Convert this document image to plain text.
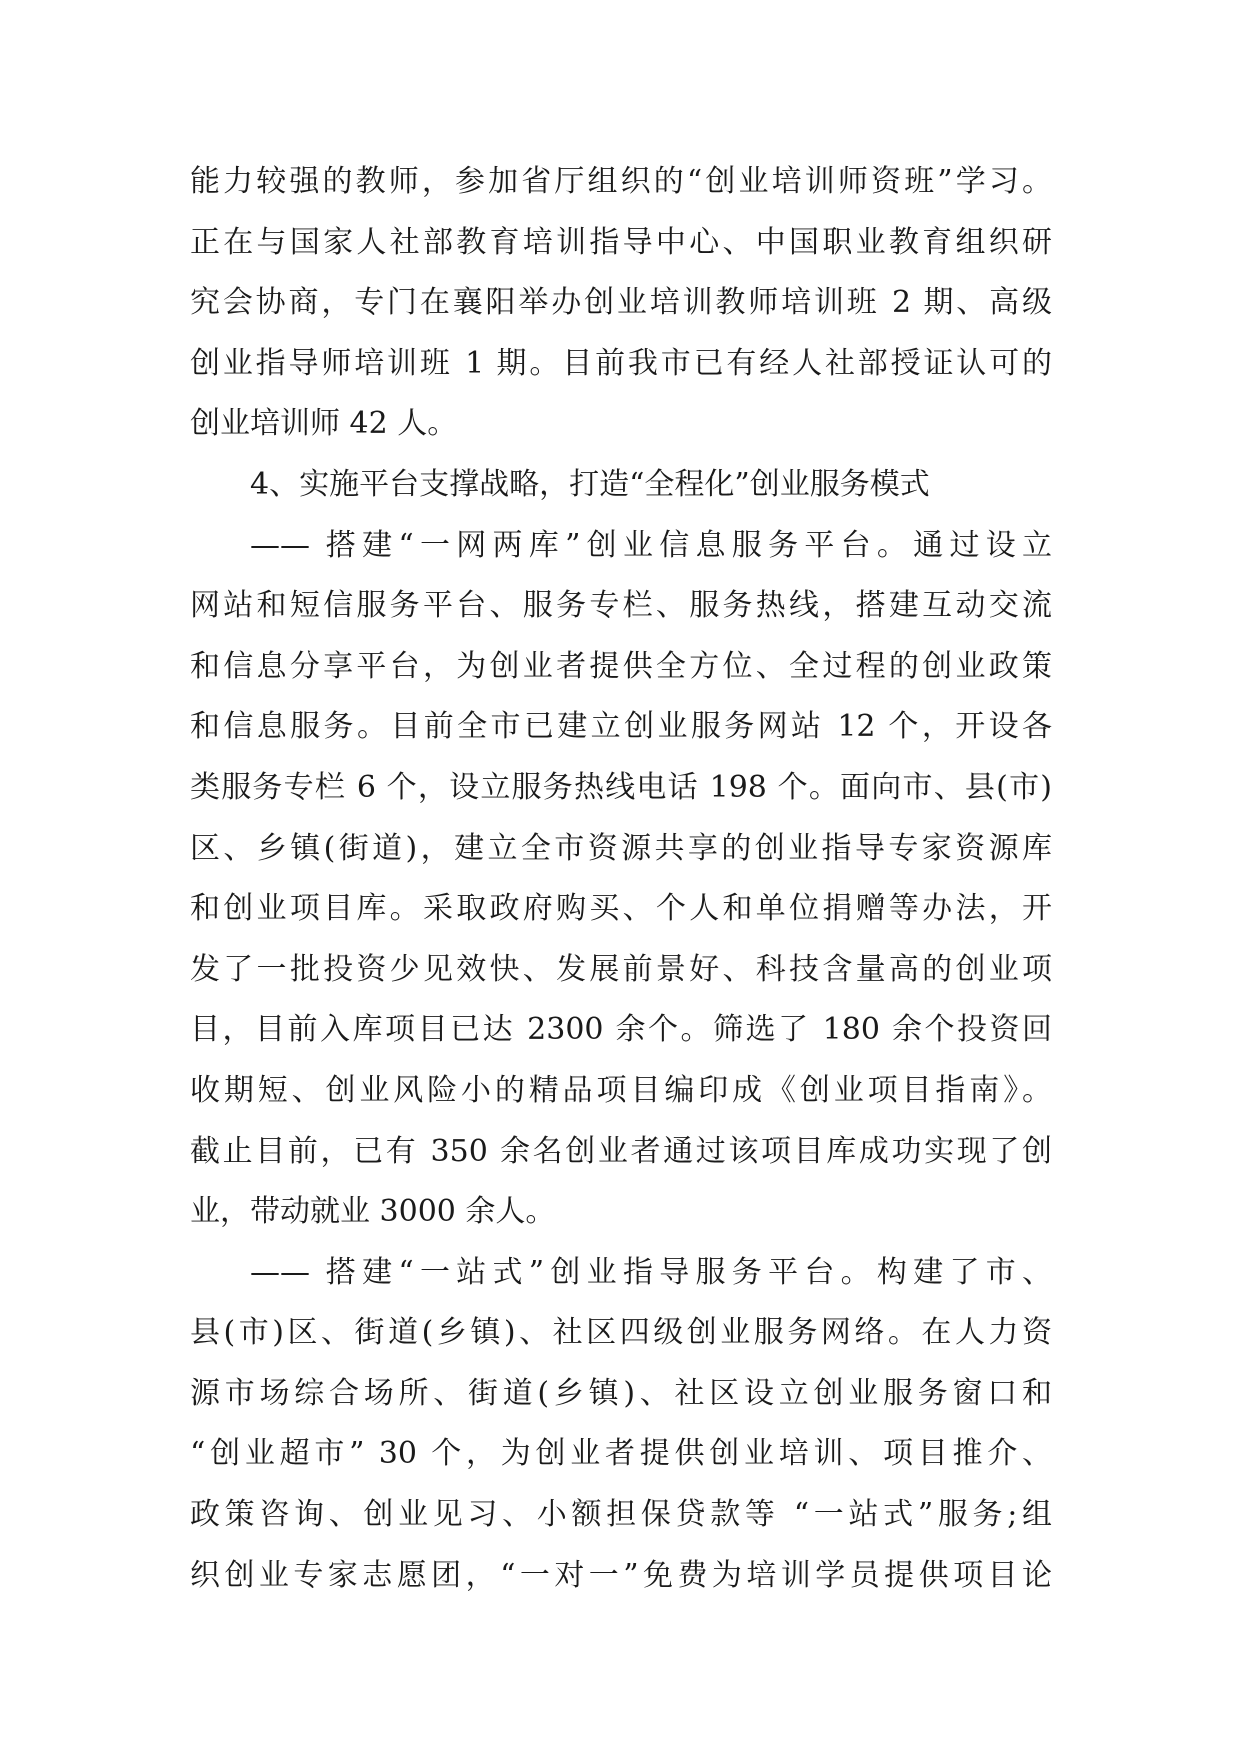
能力较强的教师，参加省厅组织的“创业培训师资班”学习。
正在与国家人社部教育培训指导中心、中国职业教育组织研
究会协商，专门在襄阳举办创业培训教师培训班 2 期、高级
创业指导师培训班 1 期。目前我市已有经人社部授证认可的
创业培训师 42 人。
4、实施平台支撑战略，打造“全程化”创业服务模式
—— 搭建“一网两库”创业信息服务平台。通过设立
网站和短信服务平台、服务专栏、服务热线，搭建互动交流
和信息分享平台，为创业者提供全方位、全过程的创业政策
和信息服务。目前全市已建立创业服务网站 12 个，开设各
类服务专栏 6 个，设立服务热线电话 198 个。面向市、县(市)
区、乡镇(街道)，建立全市资源共享的创业指导专家资源库
和创业项目库。采取政府购买、个人和单位捐赠等办法，开
发了一批投资少见效快、发展前景好、科技含量高的创业项
目，目前入库项目已达 2300 余个。筛选了 180 余个投资回
收期短、创业风险小的精品项目编印成《创业项目指南》。
截止目前，已有 350 余名创业者通过该项目库成功实现了创
业，带动就业 3000 余人。
—— 搭建“一站式”创业指导服务平台。构建了市、
县(市)区、街道(乡镇)、社区四级创业服务网络。在人力资
源市场综合场所、街道(乡镇)、社区设立创业服务窗口和
“创业超市” 30 个，为创业者提供创业培训、项目推介、
政策咨询、创业见习、小额担保贷款等 “一站式”服务;组
织创业专家志愿团，“一对一”免费为培训学员提供项目论
